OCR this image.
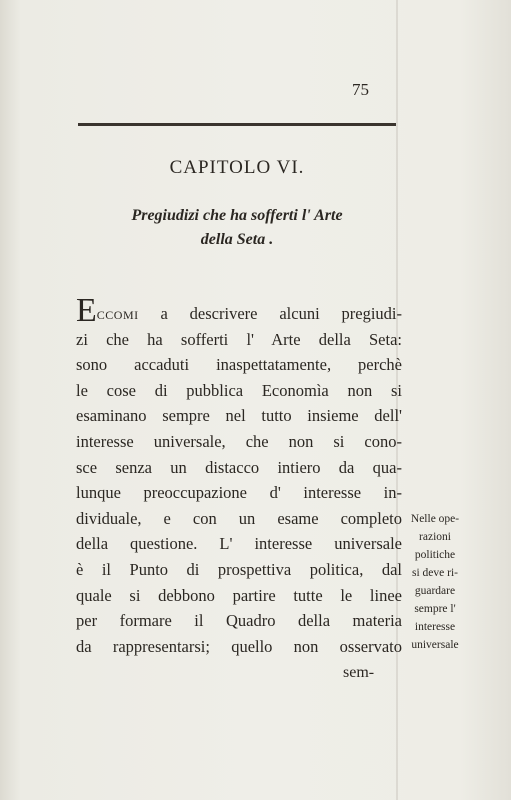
75
CAPITOLO VI.
Pregiudizi che ha sofferti l' Arte
della Seta .
Eccomi a descrivere alcuni pregiudi-
zi che ha sofferti l' Arte della Seta:
sono accaduti inaspettatamente, perchè
le cose di pubblica Economìa non si
esaminano sempre nel tutto insieme dell'
interesse universale, che non si cono-
sce senza un distacco intiero da qua-
lunque preoccupazione d' interesse in-
dividuale, e con un esame completo
della questione. L' interesse universale
è il Punto di prospettiva politica, dal
quale si debbono partire tutte le linee
per formare il Quadro della materia
da rappresentarsi; quello non osservato
Nelle ope-
razioni
politiche
si deve ri-
guardare
sempre l'
interesse
universale
sem-
